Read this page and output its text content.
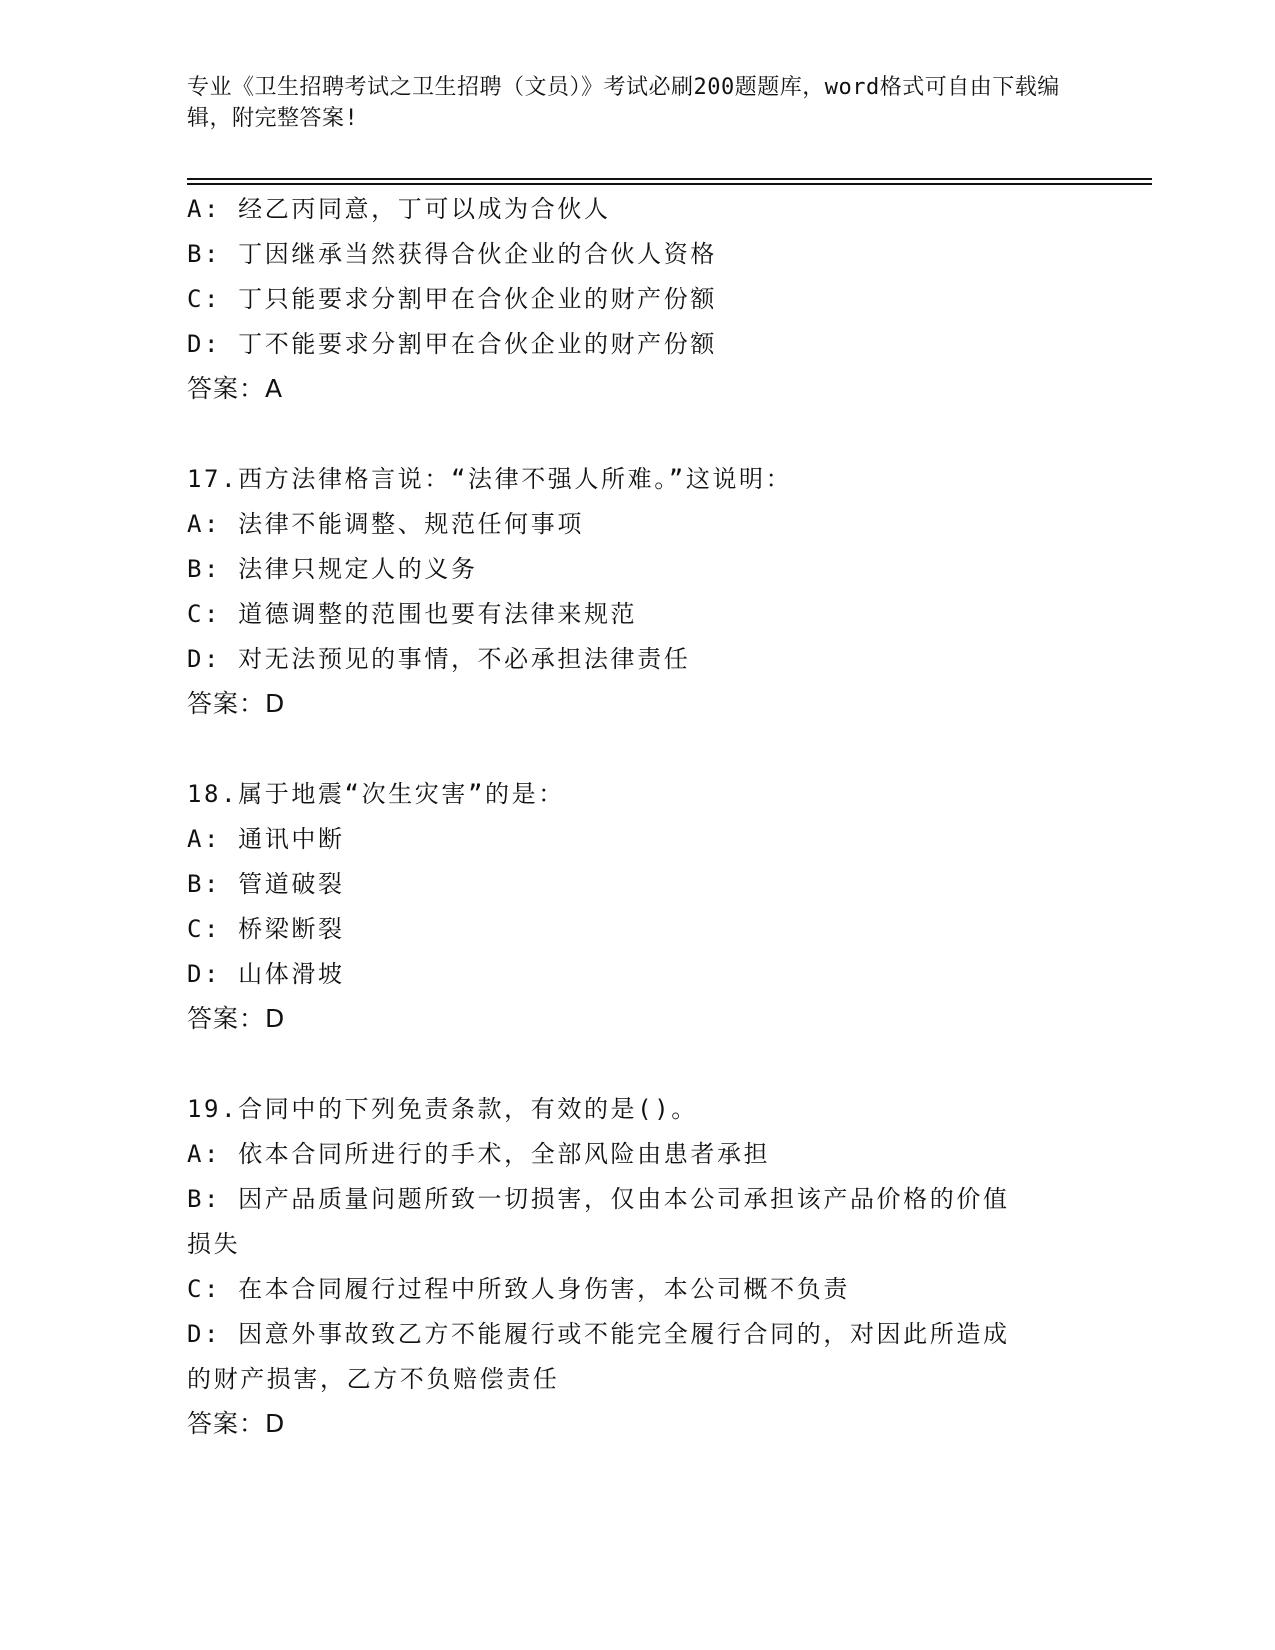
专业《卫生招聘考试之卫生招聘（文员）》考试必刷200题题库，word格式可自由下载编辑，附完整答案!
A: 经乙丙同意，丁可以成为合伙人
B: 丁因继承当然获得合伙企业的合伙人资格
C: 丁只能要求分割甲在合伙企业的财产份额
D: 丁不能要求分割甲在合伙企业的财产份额
答案：A
17.西方法律格言说：“法律不强人所难。”这说明：
A: 法律不能调整、规范任何事项
B: 法律只规定人的义务
C: 道德调整的范围也要有法律来规范
D: 对无法预见的事情，不必承担法律责任
答案：D
18.属于地震“次生灾害”的是：
A: 通讯中断
B: 管道破裂
C: 桥梁断裂
D: 山体滑坡
答案：D
19.合同中的下列免责条款，有效的是()。
A: 依本合同所进行的手术，全部风险由患者承担
B: 因产品质量问题所致一切损害，仅由本公司承担该产品价格的价值
损失
C: 在本合同履行过程中所致人身伤害，本公司概不负责
D: 因意外事故致乙方不能履行或不能完全履行合同的，对因此所造成
的财产损害，乙方不负赔偿责任
答案：D
